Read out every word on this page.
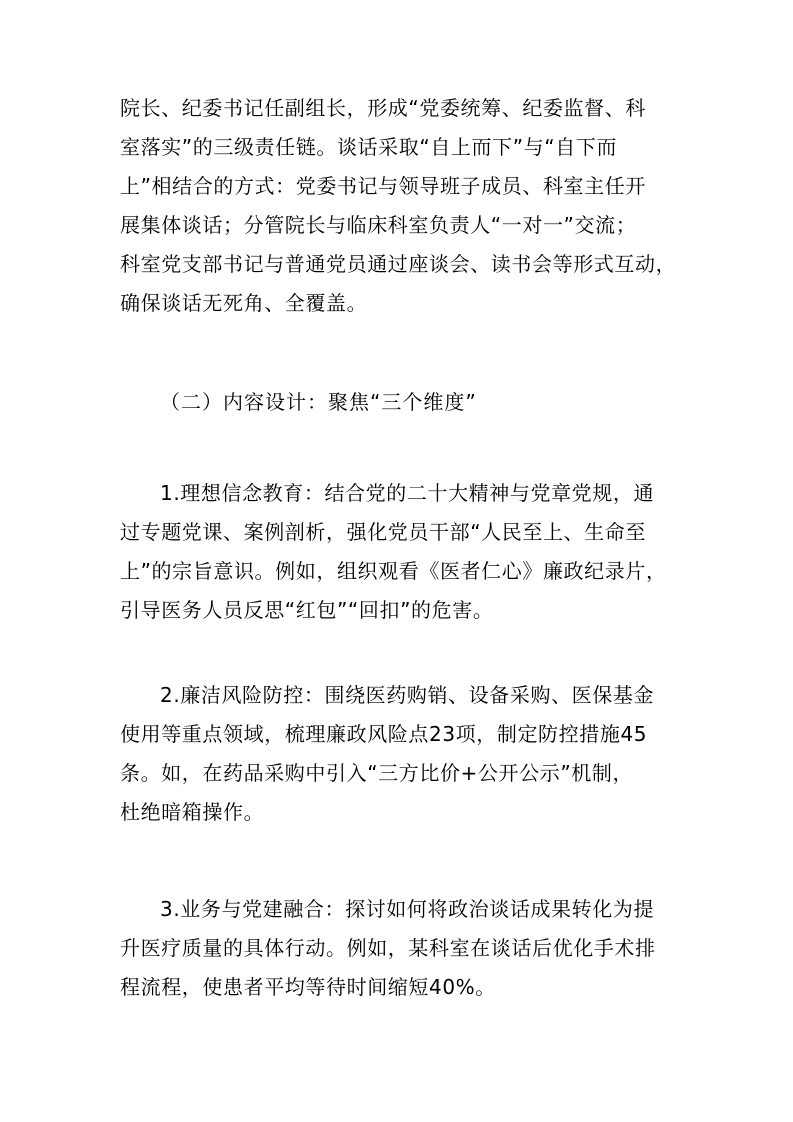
院长、纪委书记任副组长，形成“党委统筹、纪委监督、科
室落实”的三级责任链。谈话采取“自上而下”与“自下而
上”相结合的方式：党委书记与领导班子成员、科室主任开
展集体谈话；分管院长与临床科室负责人“一对一”交流；
科室党支部书记与普通党员通过座谈会、读书会等形式互动，
确保谈话无死角、全覆盖。
（二）内容设计：聚焦“三个维度”
1.理想信念教育：结合党的二十大精神与党章党规，通
过专题党课、案例剖析，强化党员干部“人民至上、生命至
上”的宗旨意识。例如，组织观看《医者仁心》廉政纪录片，
引导医务人员反思“红包”“回扣”的危害。
2.廉洁风险防控：围绕医药购销、设备采购、医保基金
使用等重点领域，梳理廉政风险点23项，制定防控措施45
条。如，在药品采购中引入“三方比价+公开公示”机制，
杜绝暗箱操作。
3.业务与党建融合：探讨如何将政治谈话成果转化为提
升医疗质量的具体行动。例如，某科室在谈话后优化手术排
程流程，使患者平均等待时间缩短40%。
